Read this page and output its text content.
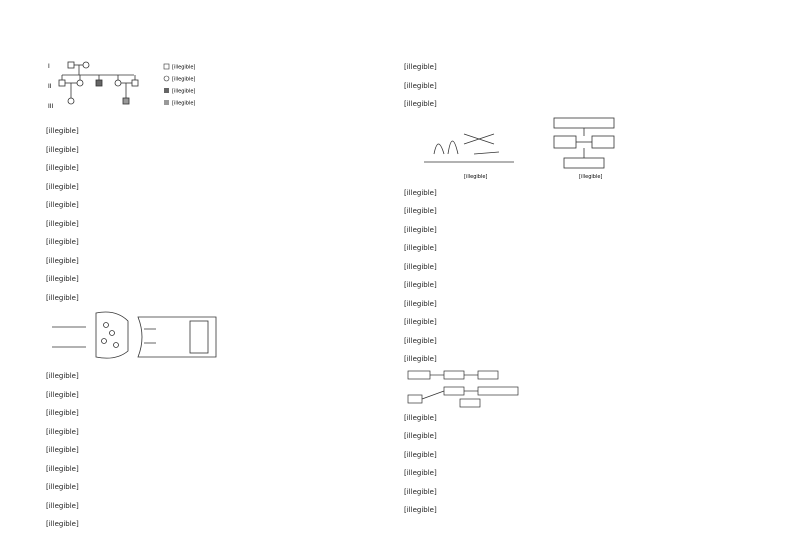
I
II
III
[illegible]
[illegible]
[illegible]
[illegible]
[illegible]
[illegible]
[illegible]
[illegible]
[illegible]
[illegible]
[illegible]
[illegible]
[illegible]
[illegible]
[illegible]
[illegible]
[illegible]
[illegible]
[illegible]
[illegible]
[illegible]
[illegible]
[illegible]
[illegible]
[illegible]
[illegible]
[illegible]	[illegible]
[illegible]
[illegible]
[illegible]
[illegible]
[illegible]
[illegible]
[illegible]
[illegible]
[illegible]
[illegible]
[illegible]
[illegible]
[illegible]
[illegible]
[illegible]
[illegible]
